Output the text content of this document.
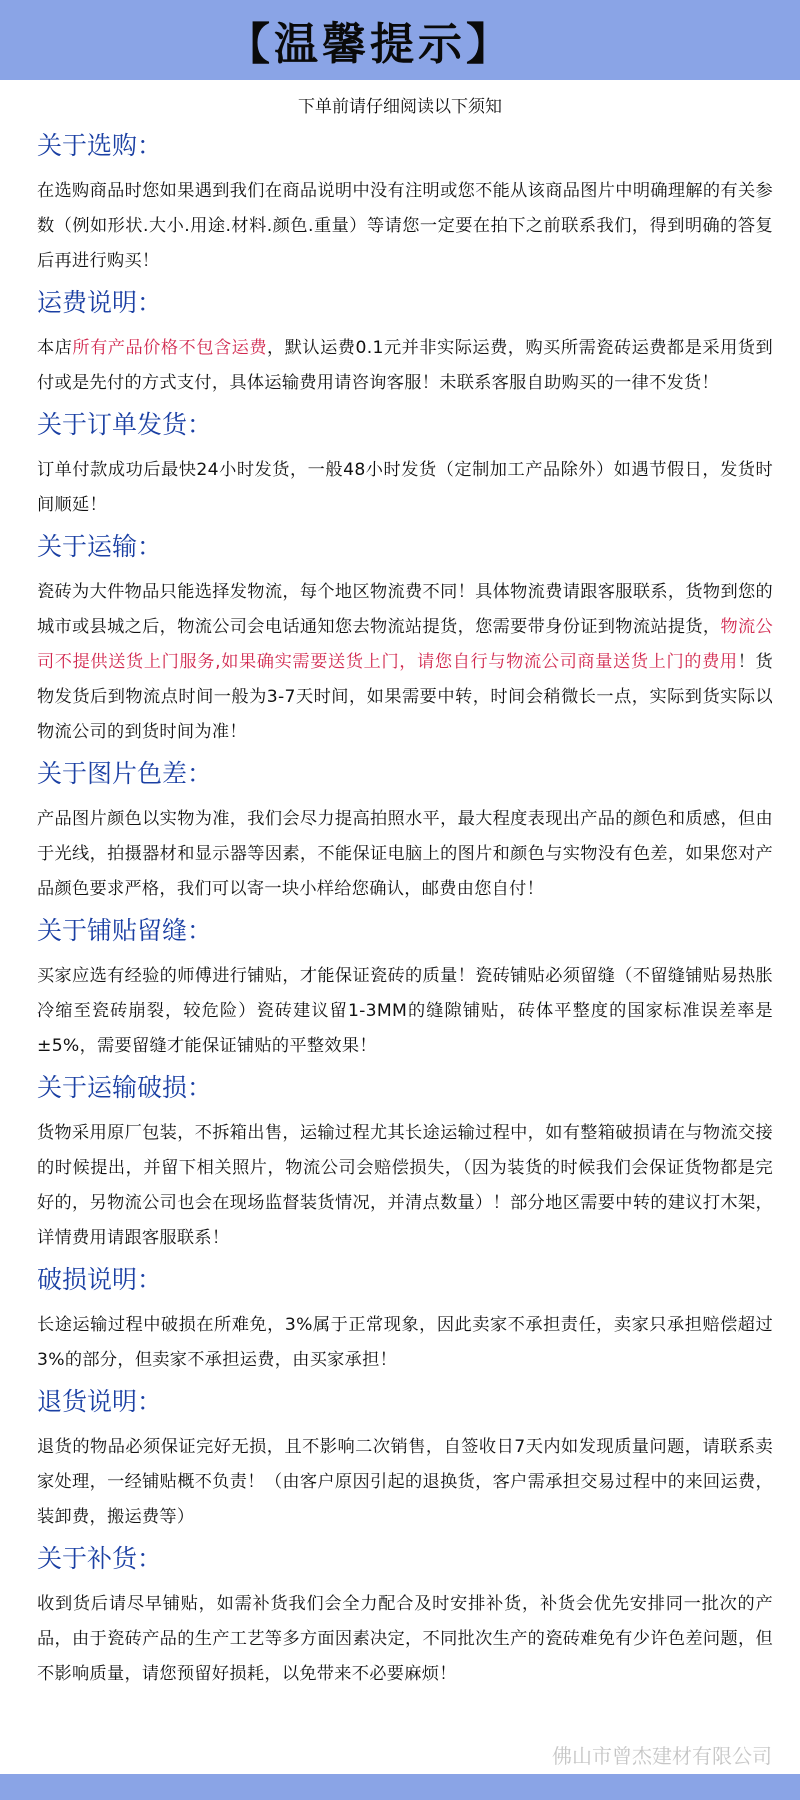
【温馨提示】
下单前请仔细阅读以下须知
关于选购：

在选购商品时您如果遇到我们在商品说明中没有注明或您不能从该商品图片中明确理解的有关参数（例如形状.大小.用途.材料.颜色.重量）等请您一定要在拍下之前联系我们，得到明确的答复后再进行购买！

运费说明：

本店所有产品价格不包含运费，默认运费0.1元并非实际运费，购买所需瓷砖运费都是采用货到付或是先付的方式支付，具体运输费用请咨询客服！未联系客服自助购买的一律不发货！

关于订单发货：

订单付款成功后最快24小时发货，一般48小时发货（定制加工产品除外）如遇节假日，发货时间顺延！

关于运输：

瓷砖为大件物品只能选择发物流，每个地区物流费不同！具体物流费请跟客服联系，货物到您的城市或县城之后，物流公司会电话通知您去物流站提货，您需要带身份证到物流站提货，物流公司不提供送货上门服务,如果确实需要送货上门，请您自行与物流公司商量送货上门的费用！货物发货后到物流点时间一般为3-7天时间，如果需要中转，时间会稍微长一点，实际到货实际以物流公司的到货时间为准！

关于图片色差：

产品图片颜色以实物为准，我们会尽力提高拍照水平，最大程度表现出产品的颜色和质感，但由于光线，拍摄器材和显示器等因素，不能保证电脑上的图片和颜色与实物没有色差，如果您对产品颜色要求严格，我们可以寄一块小样给您确认，邮费由您自付！

关于铺贴留缝：

买家应选有经验的师傅进行铺贴，才能保证瓷砖的质量！瓷砖铺贴必须留缝（不留缝铺贴易热胀冷缩至瓷砖崩裂，较危险）瓷砖建议留1-3MM的缝隙铺贴，砖体平整度的国家标准误差率是±5%，需要留缝才能保证铺贴的平整效果！

关于运输破损：

货物采用原厂包装，不拆箱出售，运输过程尤其长途运输过程中，如有整箱破损请在与物流交接的时候提出，并留下相关照片，物流公司会赔偿损失，（因为装货的时候我们会保证货物都是完好的，另物流公司也会在现场监督装货情况，并清点数量）！部分地区需要中转的建议打木架，详情费用请跟客服联系！

破损说明：

长途运输过程中破损在所难免，3%属于正常现象，因此卖家不承担责任，卖家只承担赔偿超过3%的部分，但卖家不承担运费，由买家承担！

退货说明：

退货的物品必须保证完好无损，且不影响二次销售，自签收日7天内如发现质量问题，请联系卖家处理，一经铺贴概不负责！（由客户原因引起的退换货，客户需承担交易过程中的来回运费，装卸费，搬运费等）

关于补货：

收到货后请尽早铺贴，如需补货我们会全力配合及时安排补货，补货会优先安排同一批次的产品，由于瓷砖产品的生产工艺等多方面因素决定，不同批次生产的瓷砖难免有少许色差问题，但不影响质量，请您预留好损耗，以免带来不必要麻烦！

佛山市曾杰建材有限公司
